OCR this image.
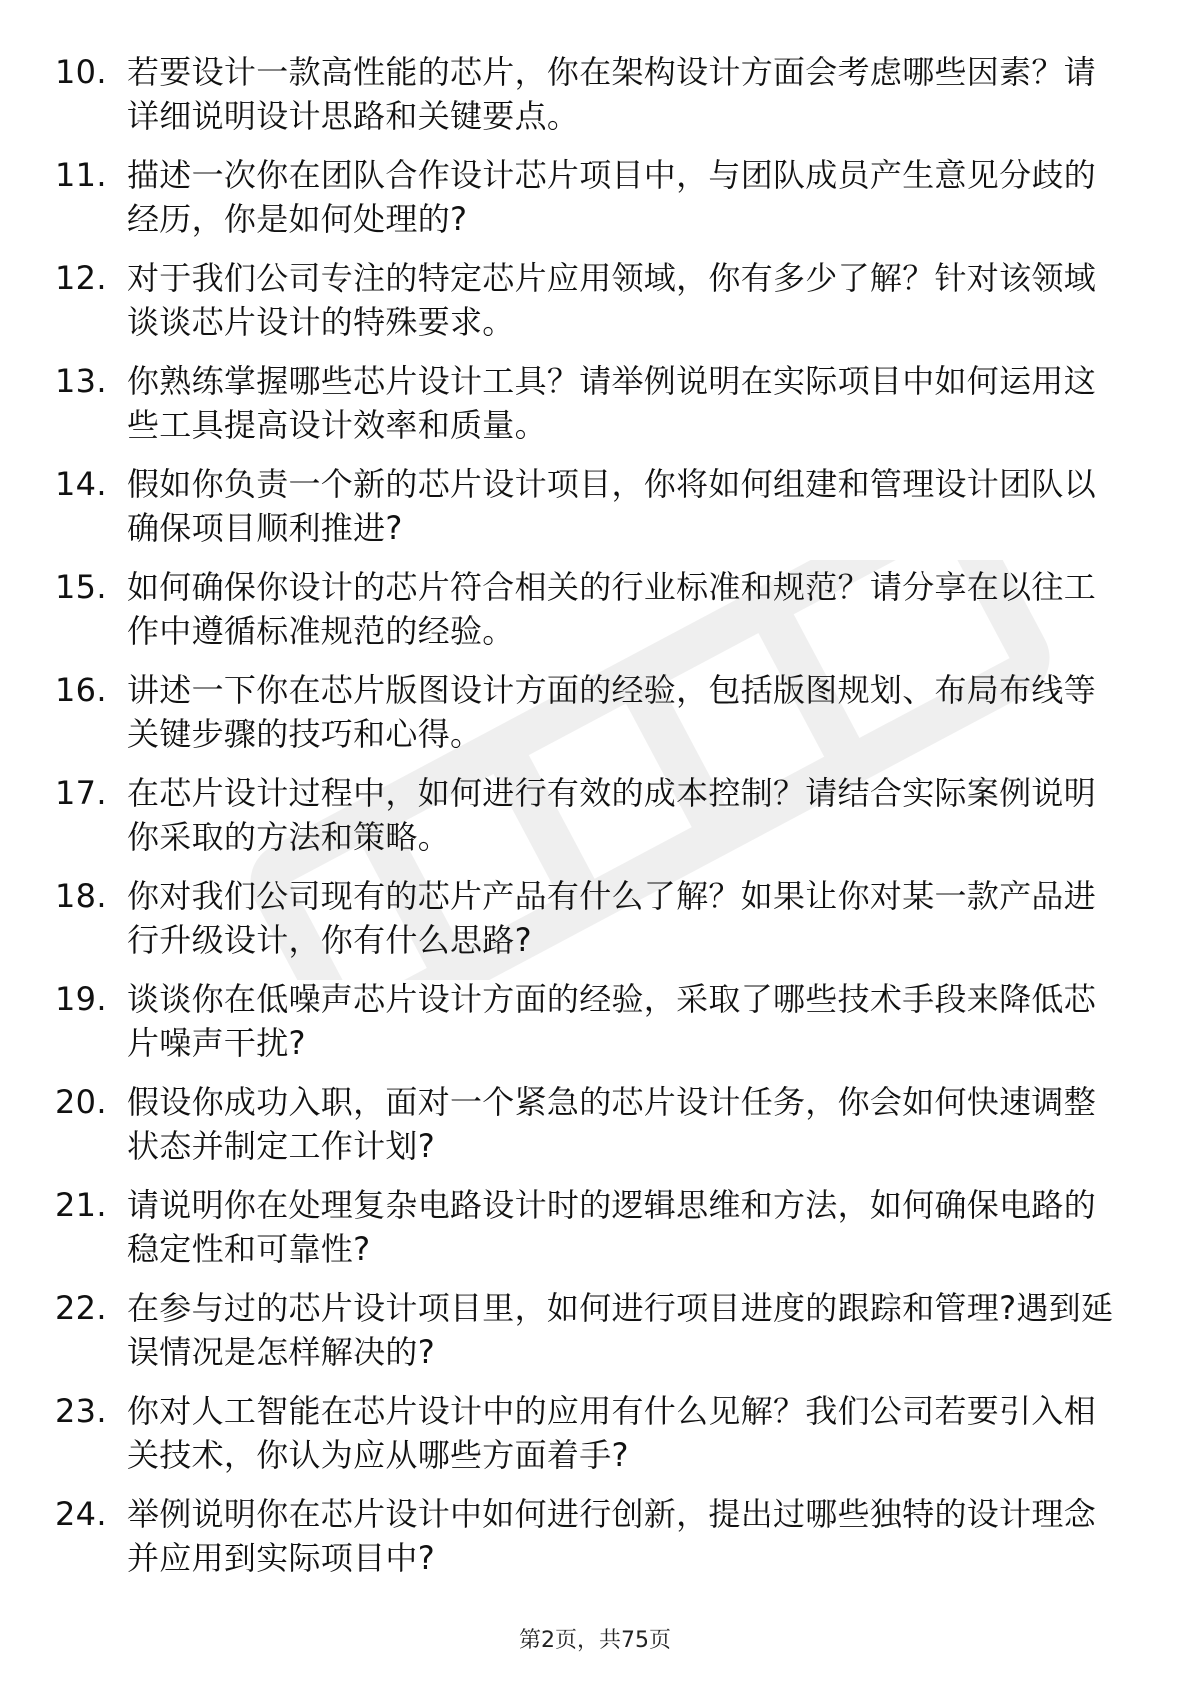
10. 若要设计一款高性能的芯片，你在架构设计方面会考虑哪些因素？请详细说明设计思路和关键要点。
11. 描述一次你在团队合作设计芯片项目中，与团队成员产生意见分歧的经历，你是如何处理的?
12. 对于我们公司专注的特定芯片应用领域，你有多少了解？针对该领域谈谈芯片设计的特殊要求。
13. 你熟练掌握哪些芯片设计工具？请举例说明在实际项目中如何运用这些工具提高设计效率和质量。
14. 假如你负责一个新的芯片设计项目，你将如何组建和管理设计团队以确保项目顺利推进?
15. 如何确保你设计的芯片符合相关的行业标准和规范？请分享在以往工作中遵循标准规范的经验。
16. 讲述一下你在芯片版图设计方面的经验，包括版图规划、布局布线等关键步骤的技巧和心得。
17. 在芯片设计过程中，如何进行有效的成本控制？请结合实际案例说明你采取的方法和策略。
18. 你对我们公司现有的芯片产品有什么了解？如果让你对某一款产品进行升级设计，你有什么思路?
19. 谈谈你在低噪声芯片设计方面的经验，采取了哪些技术手段来降低芯片噪声干扰?
20. 假设你成功入职，面对一个紧急的芯片设计任务，你会如何快速调整状态并制定工作计划?
21. 请说明你在处理复杂电路设计时的逻辑思维和方法，如何确保电路的稳定性和可靠性?
22. 在参与过的芯片设计项目里，如何进行项目进度的跟踪和管理?遇到延误情况是怎样解决的?
23. 你对人工智能在芯片设计中的应用有什么见解？我们公司若要引入相关技术，你认为应从哪些方面着手?
24. 举例说明你在芯片设计中如何进行创新，提出过哪些独特的设计理念并应用到实际项目中?
第2页，共75页
